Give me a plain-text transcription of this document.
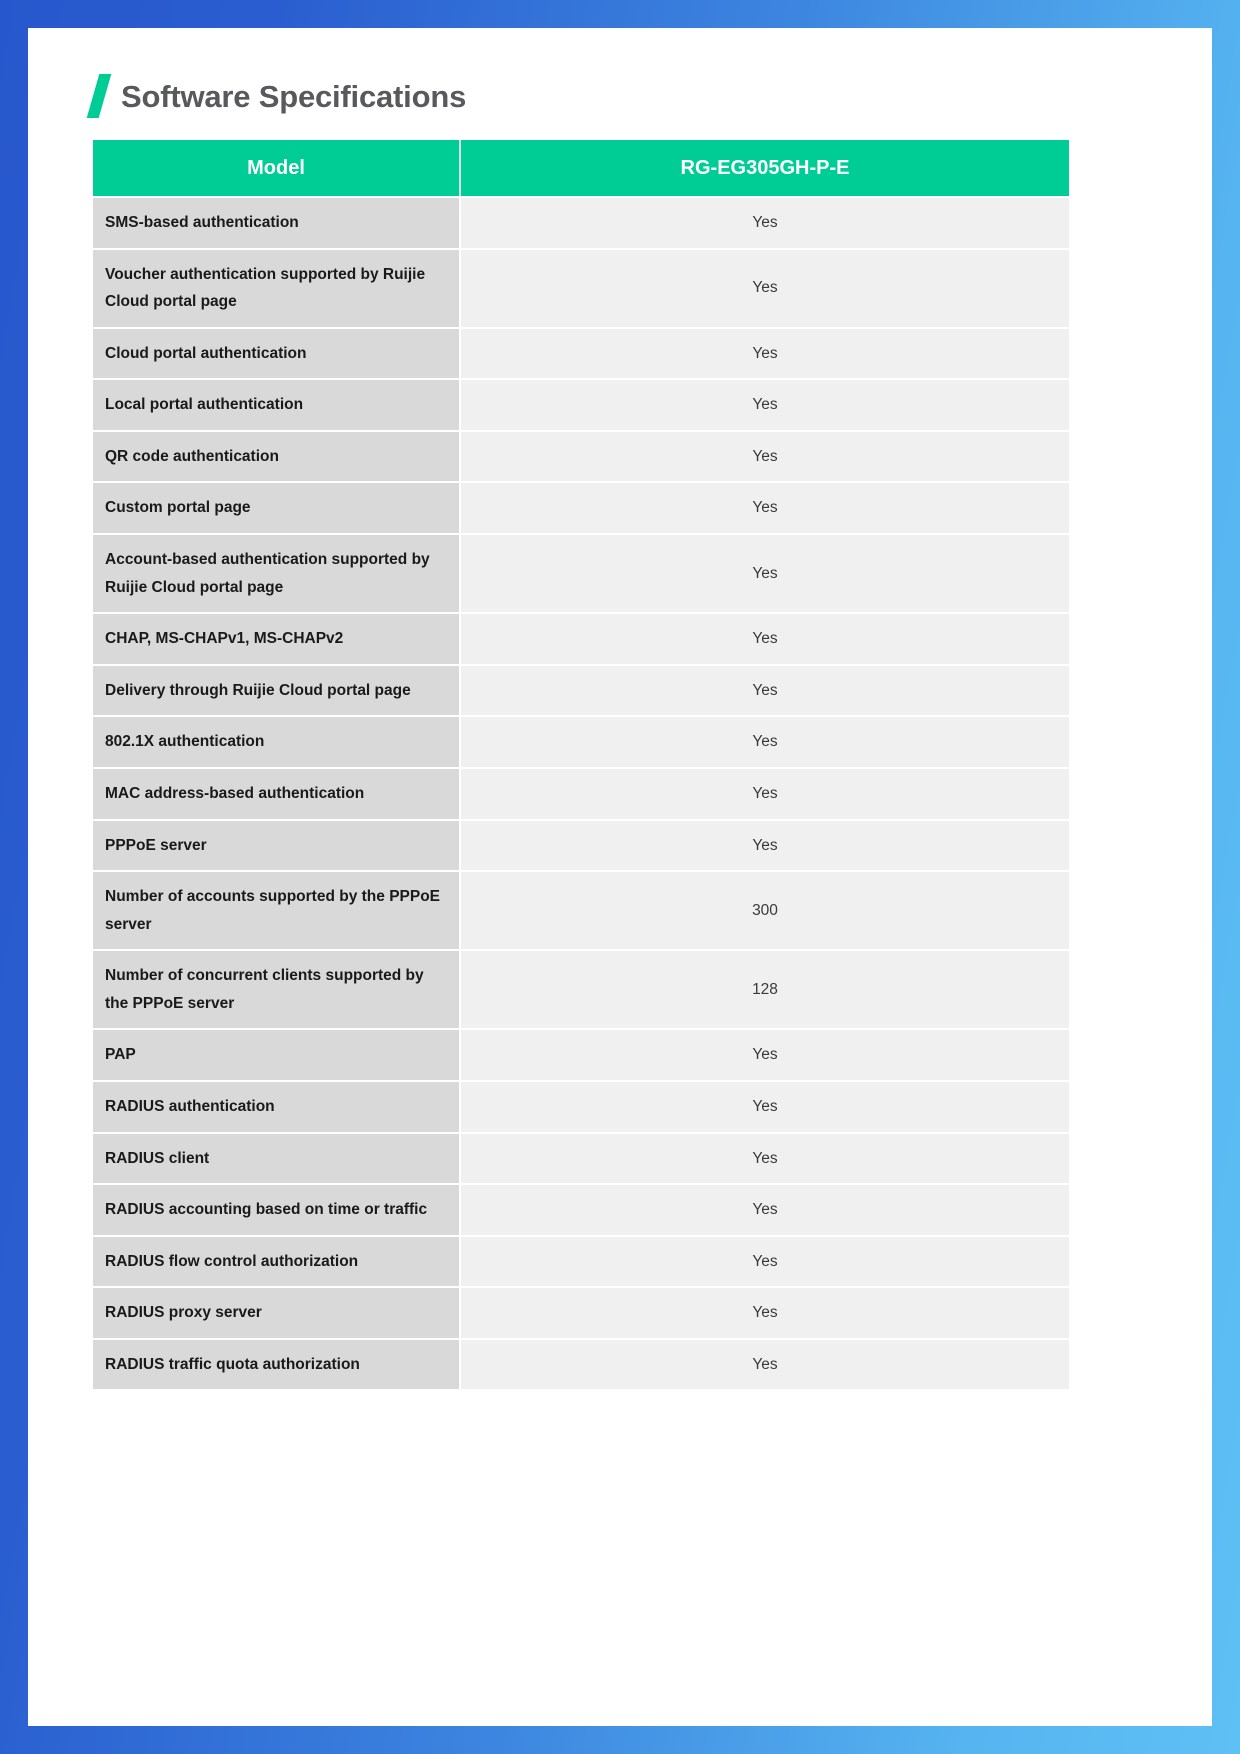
Software Specifications
Model	RG-EG305GH-P-E
SMS-based authentication	Yes
Voucher authentication supported by Ruijie Cloud portal page	Yes
Cloud portal authentication	Yes
Local portal authentication	Yes
QR code authentication	Yes
Custom portal page	Yes
Account-based authentication supported by Ruijie Cloud portal page	Yes
CHAP, MS-CHAPv1, MS-CHAPv2	Yes
Delivery through Ruijie Cloud portal page	Yes
802.1X authentication	Yes
MAC address-based authentication	Yes
PPPoE server	Yes
Number of accounts supported by the PPPoE server	300
Number of concurrent clients supported by the PPPoE server	128
PAP	Yes
RADIUS authentication	Yes
RADIUS client	Yes
RADIUS accounting based on time or traffic	Yes
RADIUS flow control authorization	Yes
RADIUS proxy server	Yes
RADIUS traffic quota authorization	Yes
